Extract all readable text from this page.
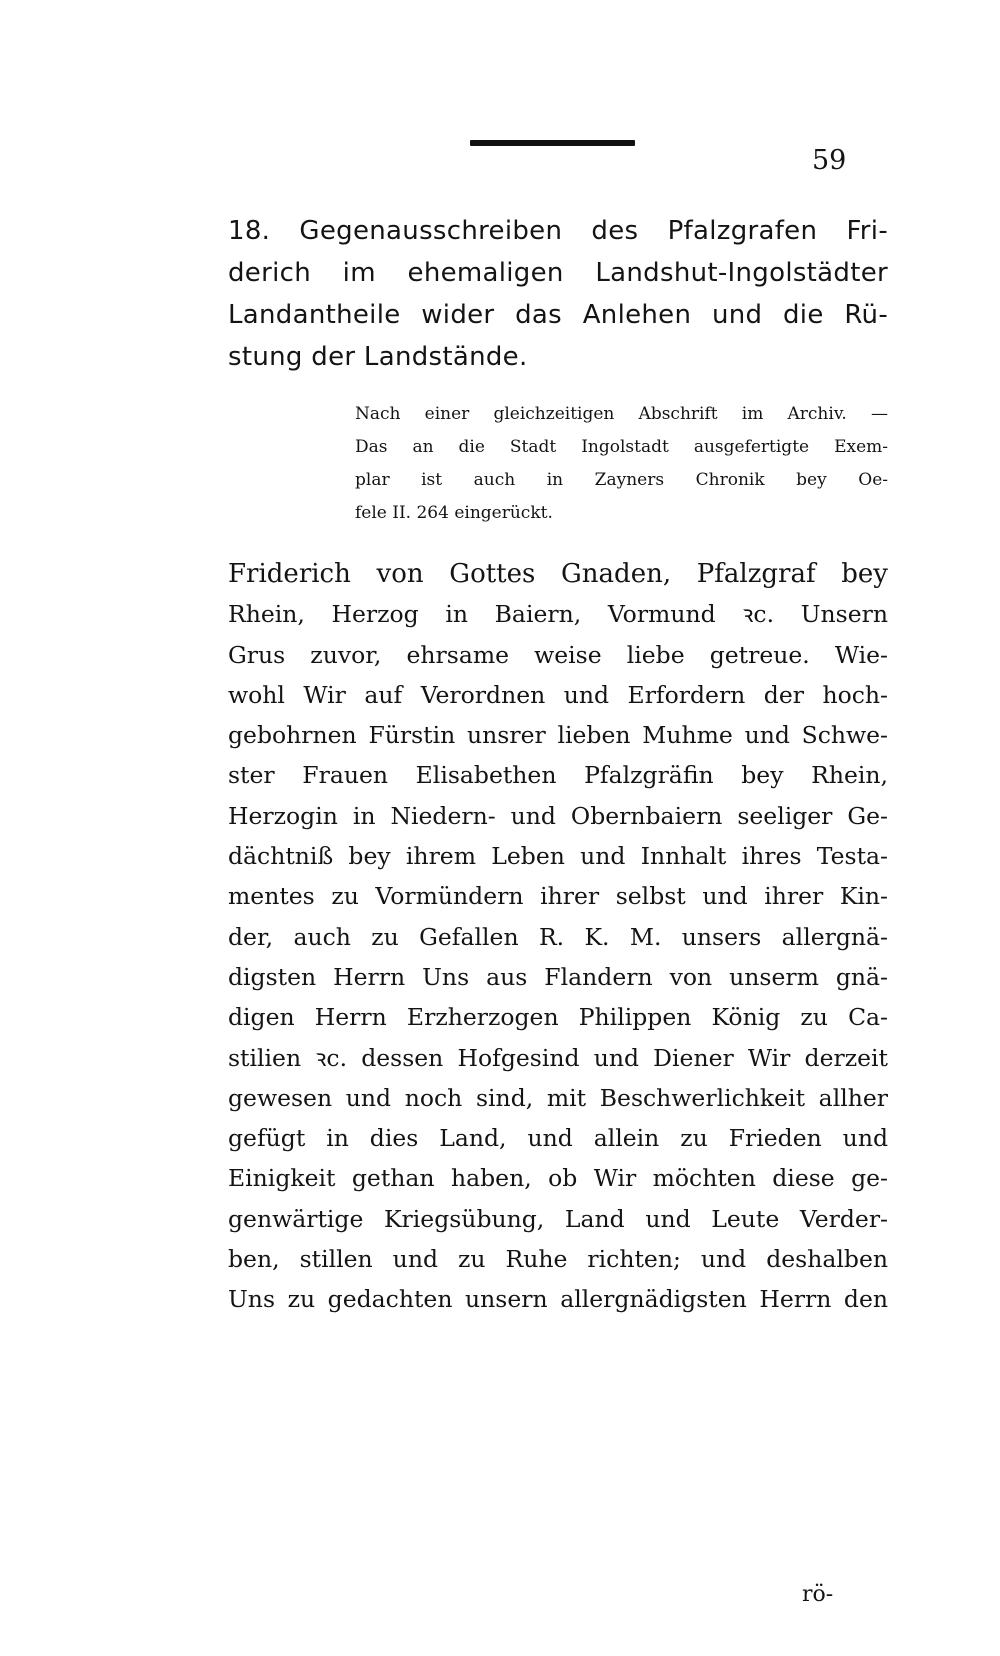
59
18. Gegenausschreiben des Pfalzgrafen Fri-
derich im ehemaligen Landshut-Ingolstädter
Landantheile wider das Anlehen und die Rü-
stung der Landstände.
Nach einer gleichzeitigen Abschrift im Archiv. —
Das an die Stadt Ingolstadt ausgefertigte Exem-
plar ist auch in Zayners Chronik bey Oe-
fele II. 264 eingerückt.
Friderich von Gottes Gnaden, Pfalzgraf bey
Rhein, Herzog in Baiern, Vormund ꝛc. Unsern
Grus zuvor, ehrsame weise liebe getreue. Wie-
wohl Wir auf Verordnen und Erfordern der hoch-
gebohrnen Fürstin unsrer lieben Muhme und Schwe-
ster Frauen Elisabethen Pfalzgräfin bey Rhein,
Herzogin in Niedern- und Obernbaiern seeliger Ge-
dächtniß bey ihrem Leben und Innhalt ihres Testa-
mentes zu Vormündern ihrer selbst und ihrer Kin-
der, auch zu Gefallen R. K. M. unsers allergnä-
digsten Herrn Uns aus Flandern von unserm gnä-
digen Herrn Erzherzogen Philippen König zu Ca-
stilien ꝛc. dessen Hofgesind und Diener Wir derzeit
gewesen und noch sind, mit Beschwerlichkeit allher
gefügt in dies Land, und allein zu Frieden und
Einigkeit gethan haben, ob Wir möchten diese ge-
genwärtige Kriegsübung, Land und Leute Verder-
ben, stillen und zu Ruhe richten; und deshalben
Uns zu gedachten unsern allergnädigsten Herrn den
rö-
